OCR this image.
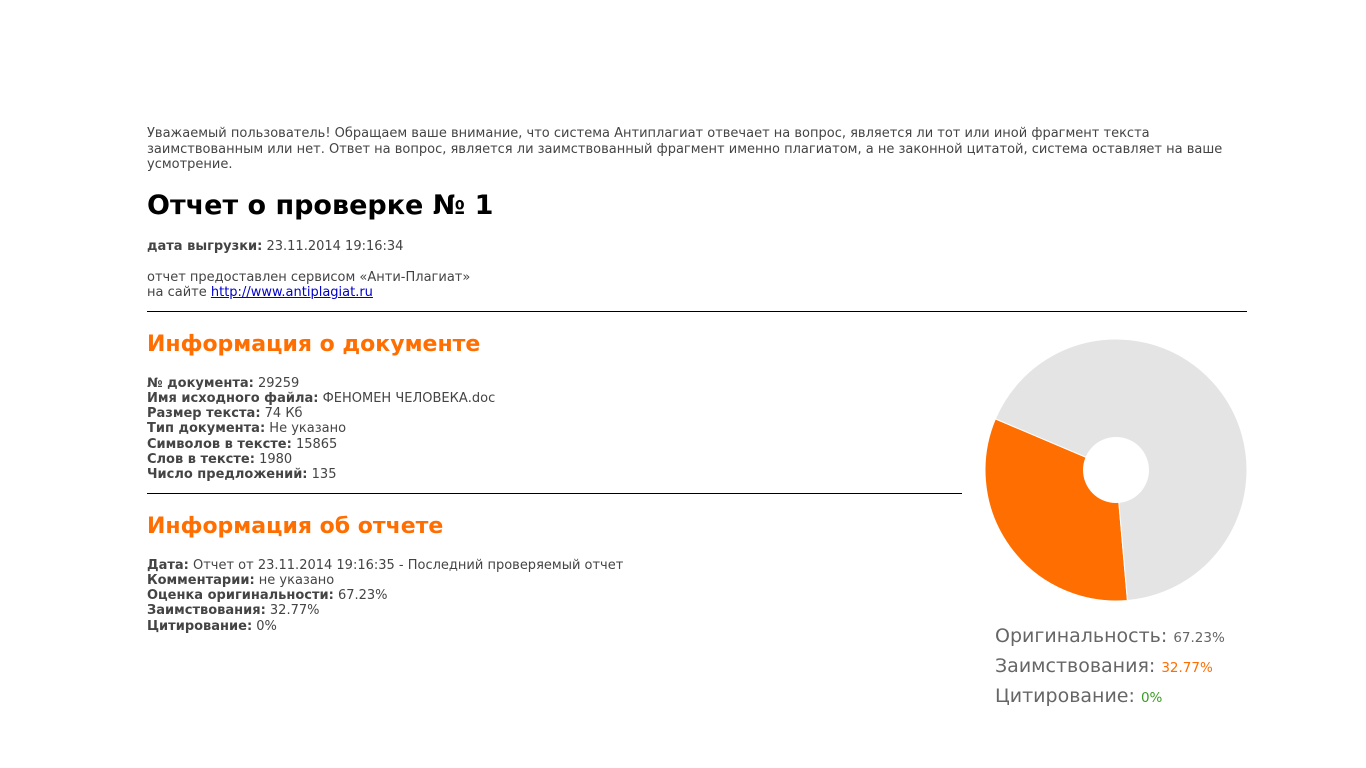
Уважаемый пользователь! Обращаем ваше внимание, что система Антиплагиат отвечает на вопрос, является ли тот или иной фрагмент текста заимствованным или нет. Ответ на вопрос, является ли заимствованный фрагмент именно плагиатом, а не законной цитатой, система оставляет на ваше усмотрение.

Отчет о проверке № 1
дата выгрузки: 23.11.2014 19:16:34
отчет предоставлен сервисом «Анти-Плагиат»
на сайте http://www.antiplagiat.ru
Информация о документе
№ документа: 29259
Имя исходного файла: ФЕНОМЕН ЧЕЛОВЕКА.doc
Размер текста: 74 Кб
Тип документа: Не указано
Символов в тексте: 15865
Слов в тексте: 1980
Число предложений: 135
Информация об отчете
Дата: Отчет от 23.11.2014 19:16:35 - Последний проверяемый отчет
Комментарии: не указано
Оценка оригинальности: 67.23%
Заимствования: 32.77%
Цитирование: 0%	Оригинальность: 67.23%
Заимствования: 32.77%
Цитирование: 0%
